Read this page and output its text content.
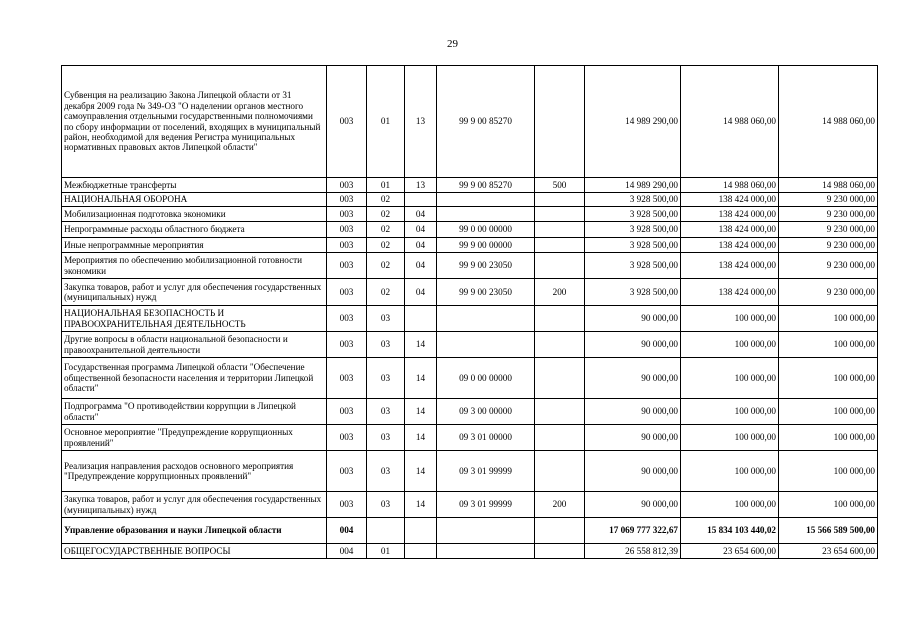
29
Субвенция на реализацию Закона Липецкой области от 31 декабря 2009 года № 349-ОЗ "О наделении органов местного самоуправления отдельными государственными полномочиями по сбору информации от поселений, входящих в муниципальный район, необходимой для ведения Регистра муниципальных нормативных правовых актов Липецкой области"	003	01	13	99 9 00 85270		14 989 290,00	14 988 060,00	14 988 060,00
Межбюджетные трансферты	003	01	13	99 9 00 85270	500	14 989 290,00	14 988 060,00	14 988 060,00
НАЦИОНАЛЬНАЯ ОБОРОНА	003	02				3 928 500,00	138 424 000,00	9 230 000,00
Мобилизационная подготовка экономики	003	02	04			3 928 500,00	138 424 000,00	9 230 000,00
Непрограммные расходы областного бюджета	003	02	04	99 0 00 00000		3 928 500,00	138 424 000,00	9 230 000,00
Иные непрограммные мероприятия	003	02	04	99 9 00 00000		3 928 500,00	138 424 000,00	9 230 000,00
Мероприятия по обеспечению мобилизационной готовности экономики	003	02	04	99 9 00 23050		3 928 500,00	138 424 000,00	9 230 000,00
Закупка товаров, работ и услуг для обеспечения государственных (муниципальных) нужд	003	02	04	99 9 00 23050	200	3 928 500,00	138 424 000,00	9 230 000,00
НАЦИОНАЛЬНАЯ БЕЗОПАСНОСТЬ И ПРАВООХРАНИТЕЛЬНАЯ ДЕЯТЕЛЬНОСТЬ	003	03				90 000,00	100 000,00	100 000,00
Другие вопросы в области национальной безопасности и правоохранительной деятельности	003	03	14			90 000,00	100 000,00	100 000,00
Государственная программа Липецкой области "Обеспечение общественной безопасности населения и территории Липецкой области"	003	03	14	09 0 00 00000		90 000,00	100 000,00	100 000,00
Подпрограмма "О противодействии коррупции в Липецкой области"	003	03	14	09 3 00 00000		90 000,00	100 000,00	100 000,00
Основное мероприятие "Предупреждение коррупционных проявлений"	003	03	14	09 3 01 00000		90 000,00	100 000,00	100 000,00
Реализация направления расходов основного мероприятия "Предупреждение коррупционных проявлений"	003	03	14	09 3 01 99999		90 000,00	100 000,00	100 000,00
Закупка товаров, работ и услуг для обеспечения государственных (муниципальных) нужд	003	03	14	09 3 01 99999	200	90 000,00	100 000,00	100 000,00
Управление образования и науки Липецкой области	004					17 069 777 322,67	15 834 103 440,02	15 566 589 500,00
ОБЩЕГОСУДАРСТВЕННЫЕ ВОПРОСЫ	004	01				26 558 812,39	23 654 600,00	23 654 600,00
